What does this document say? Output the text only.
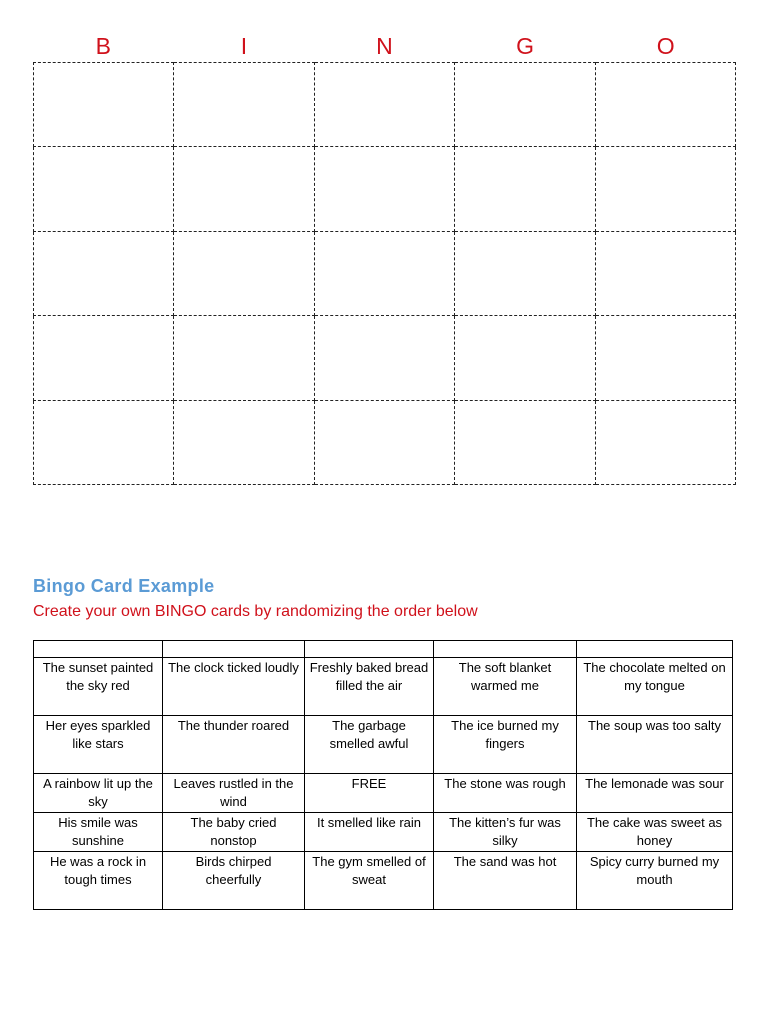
B	I	N	G	O

Bingo Card Example

Create your own BINGO cards by randomizing the order below

The sunset painted the sky red	The clock ticked loudly	Freshly baked bread filled the air	The soft blanket warmed me	The chocolate melted on my tongue
Her eyes sparkled like stars	The thunder roared	The garbage smelled awful	The ice burned my fingers	The soup was too salty
A rainbow lit up the sky	Leaves rustled in the wind	FREE	The stone was rough	The lemonade was sour
His smile was sunshine	The baby cried nonstop	It smelled like rain	The kitten’s fur was silky	The cake was sweet as honey
He was a rock in tough times	Birds chirped cheerfully	The gym smelled of sweat	The sand was hot	Spicy curry burned my mouth
